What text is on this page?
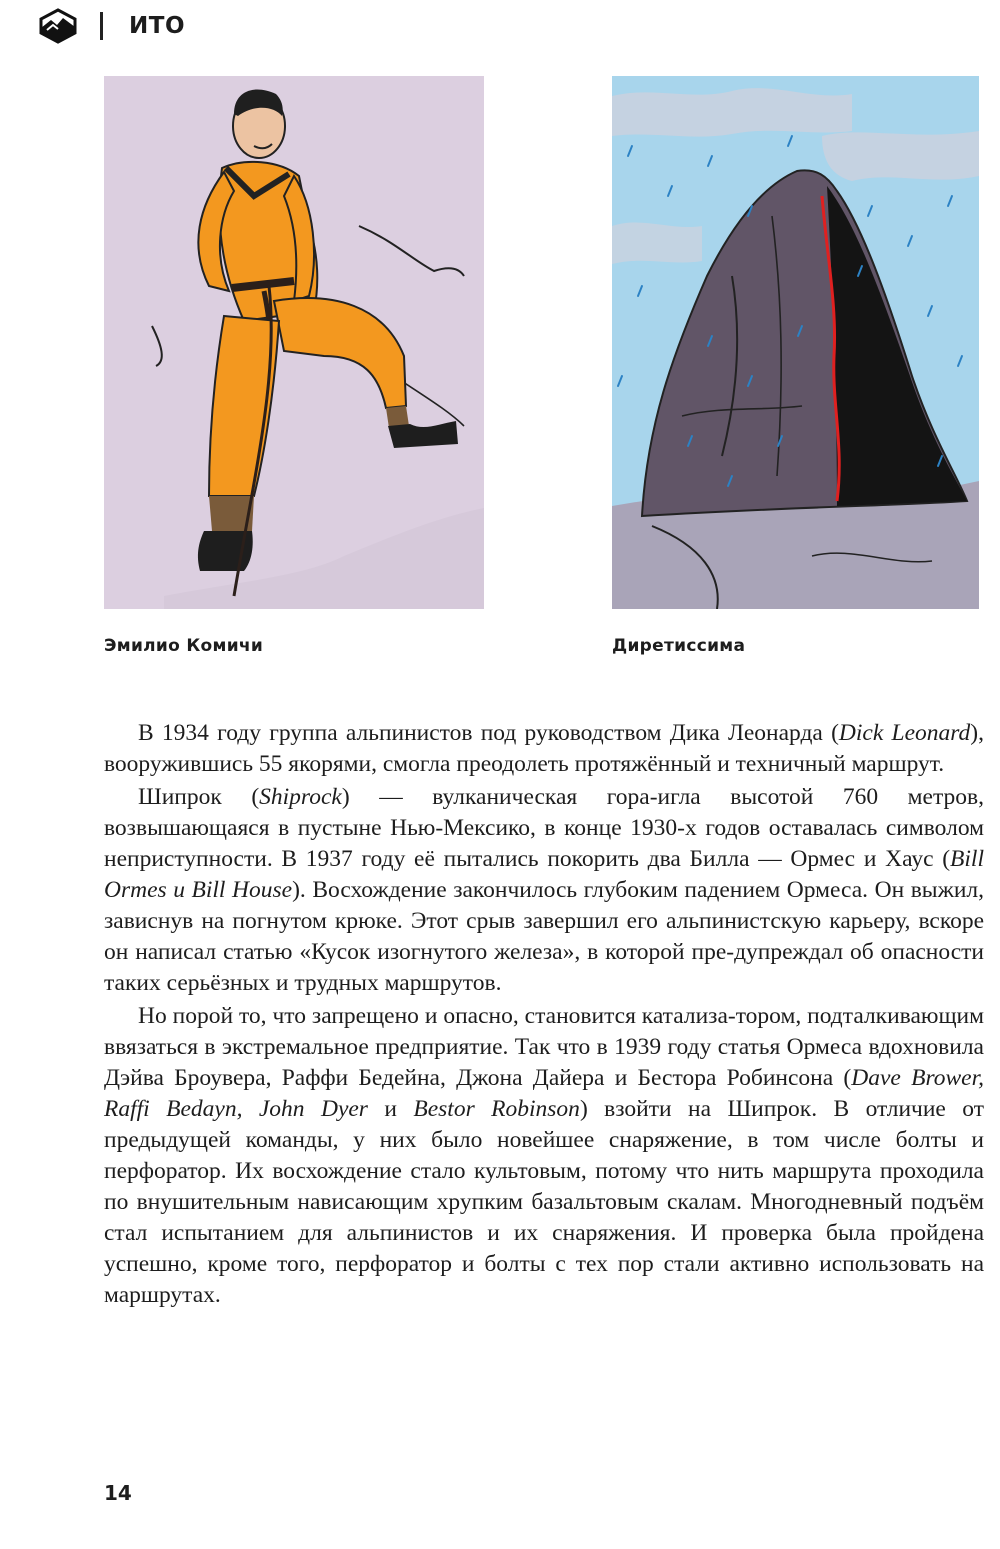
ИТО
Эмилио Комичи	Диретиссима

В 1934 году группа альпинистов под руководством Дика Леонарда (Dick Leonard), вооружившись 55 якорями, смогла преодолеть протяжённый и техничный маршрут.

Шипрок (Shiprock) — вулканическая гора-игла высотой 760 метров, возвышающаяся в пустыне Нью-Мексико, в конце 1930-х годов оставалась символом неприступности. В 1937 году её пытались покорить два Билла — Ормес и Хаус (Bill Ormes и Bill House). Восхождение закончилось глубоким падением Ормеса. Он выжил, зависнув на погнутом крюке. Этот срыв завершил его альпинистскую карьеру, вскоре он написал статью «Кусок изогнутого железа», в которой пре-дупреждал об опасности таких серьёзных и трудных маршрутов.

Но порой то, что запрещено и опасно, становится катализа-тором, подталкивающим ввязаться в экстремальное предприятие. Так что в 1939 году статья Ормеса вдохновила Дэйва Броувера, Раффи Бедейна, Джона Дайера и Бестора Робинсона (Dave Brower, Raffi Bedayn, John Dyer и Bestor Robinson) взойти на Шипрок. В отличие от предыдущей команды, у них было новейшее снаряжение, в том числе болты и перфоратор. Их восхождение стало культовым, потому что нить маршрута проходила по внушительным нависающим хрупким базальтовым скалам. Многодневный подъём стал испытанием для альпинистов и их снаряжения. И проверка была пройдена успешно, кроме того, перфоратор и болты с тех пор стали активно использовать на маршрутах.

14
